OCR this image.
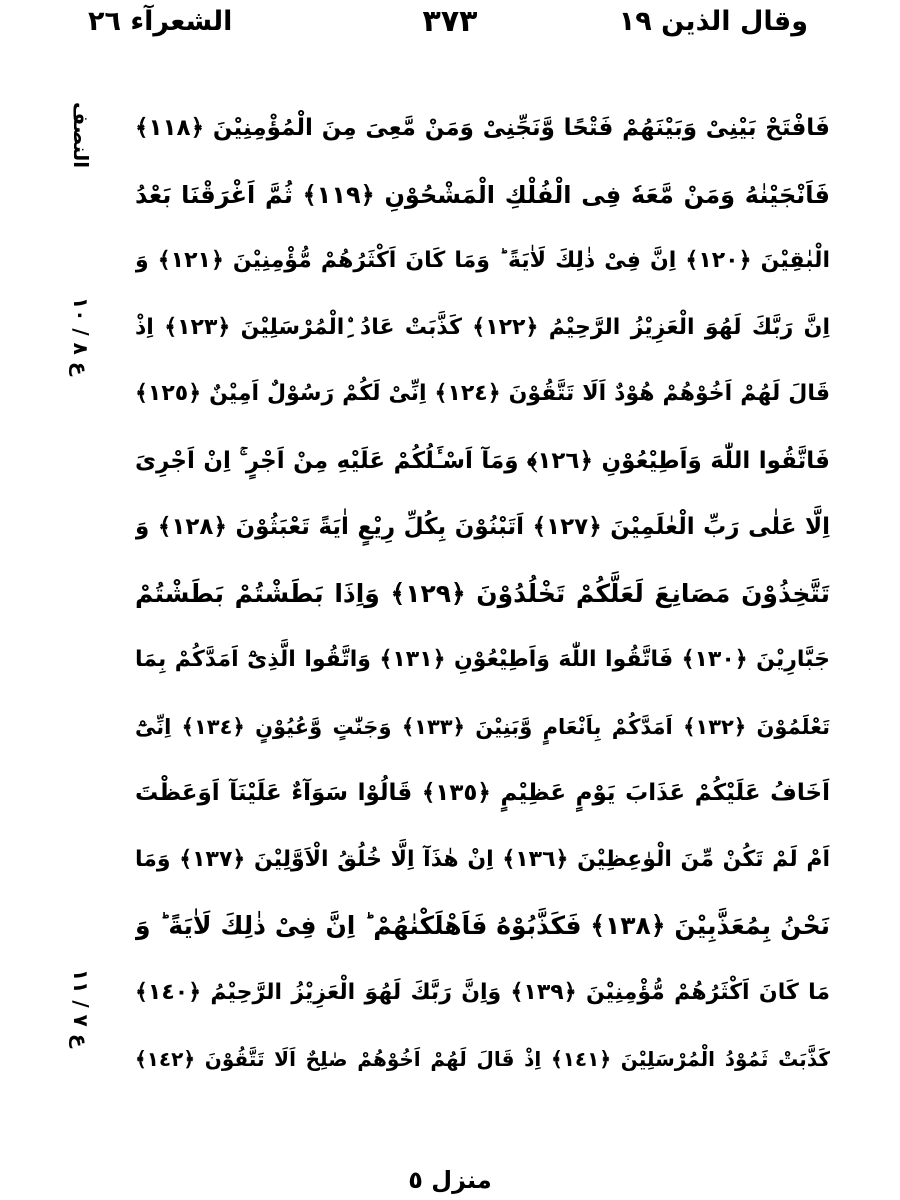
الشعرآء ٢٦	٣٧٣	وقال الذين ١٩
النصف
ع ٨ / ١٠
ع ٧ / ١١
فَافْتَحْ بَيْنِىْ وَبَيْنَهُمْ فَتْحًا وَّنَجِّنِىْ وَمَنْ مَّعِىَ مِنَ الْمُؤْمِنِيْنَ ﴿١١٨﴾
فَاَنْجَيْنٰهُ وَمَنْ مَّعَهٗ فِى الْفُلْكِ الْمَشْحُوْنِ ﴿١١٩﴾ ثُمَّ اَغْرَقْنَا بَعْدُ
الْبٰقِيْنَ ﴿١٢٠﴾ اِنَّ فِىْ ذٰلِكَ لَاٰيَةً ؕ وَمَا كَانَ اَكْثَرُهُمْ مُّؤْمِنِيْنَ ﴿١٢١﴾ وَ
اِنَّ رَبَّكَ لَهُوَ الْعَزِيْزُ الرَّحِيْمُ ﴿١٢٢﴾ كَذَّبَتْ عَادُ ِۨالْمُرْسَلِيْنَ ﴿١٢٣﴾ اِذْ
قَالَ لَهُمْ اَخُوْهُمْ هُوْدٌ اَلَا تَتَّقُوْنَ ﴿١٢٤﴾ اِنِّىْ لَكُمْ رَسُوْلٌ اَمِيْنٌ ﴿١٢٥﴾
فَاتَّقُوا اللّٰهَ وَاَطِيْعُوْنِ ﴿١٢٦﴾ وَمَآ اَسْـَٔلُكُمْ عَلَيْهِ مِنْ اَجْرٍ ۚ اِنْ اَجْرِىَ
اِلَّا عَلٰى رَبِّ الْعٰلَمِيْنَ ﴿١٢٧﴾ اَتَبْنُوْنَ بِكُلِّ رِيْعٍ اٰيَةً تَعْبَثُوْنَ ﴿١٢٨﴾ وَ
تَتَّخِذُوْنَ مَصَانِعَ لَعَلَّكُمْ تَخْلُدُوْنَ ﴿١٢٩﴾ وَاِذَا بَطَشْتُمْ بَطَشْتُمْ
جَبَّارِيْنَ ﴿١٣٠﴾ فَاتَّقُوا اللّٰهَ وَاَطِيْعُوْنِ ﴿١٣١﴾ وَاتَّقُوا الَّذِىْٓ اَمَدَّكُمْ بِمَا
تَعْلَمُوْنَ ﴿١٣٢﴾ اَمَدَّكُمْ بِاَنْعَامٍ وَّبَنِيْنَ ﴿١٣٣﴾ وَجَنّٰتٍ وَّعُيُوْنٍ ﴿١٣٤﴾ اِنِّىْٓ
اَخَافُ عَلَيْكُمْ عَذَابَ يَوْمٍ عَظِيْمٍ ﴿١٣٥﴾ قَالُوْا سَوَآءٌ عَلَيْنَآ اَوَعَظْتَ
اَمْ لَمْ تَكُنْ مِّنَ الْوٰعِظِيْنَ ﴿١٣٦﴾ اِنْ هٰذَآ اِلَّا خُلُقُ الْاَوَّلِيْنَ ﴿١٣٧﴾ وَمَا
نَحْنُ بِمُعَذَّبِيْنَ ﴿١٣٨﴾ فَكَذَّبُوْهُ فَاَهْلَكْنٰهُمْ ؕ اِنَّ فِىْ ذٰلِكَ لَاٰيَةً ؕ وَ
مَا كَانَ اَكْثَرُهُمْ مُّؤْمِنِيْنَ ﴿١٣٩﴾ وَاِنَّ رَبَّكَ لَهُوَ الْعَزِيْزُ الرَّحِيْمُ ﴿١٤٠﴾
كَذَّبَتْ ثَمُوْدُ الْمُرْسَلِيْنَ ﴿١٤١﴾ اِذْ قَالَ لَهُمْ اَخُوْهُمْ صٰلِحٌ اَلَا تَتَّقُوْنَ ﴿١٤٢﴾
منزل ٥
